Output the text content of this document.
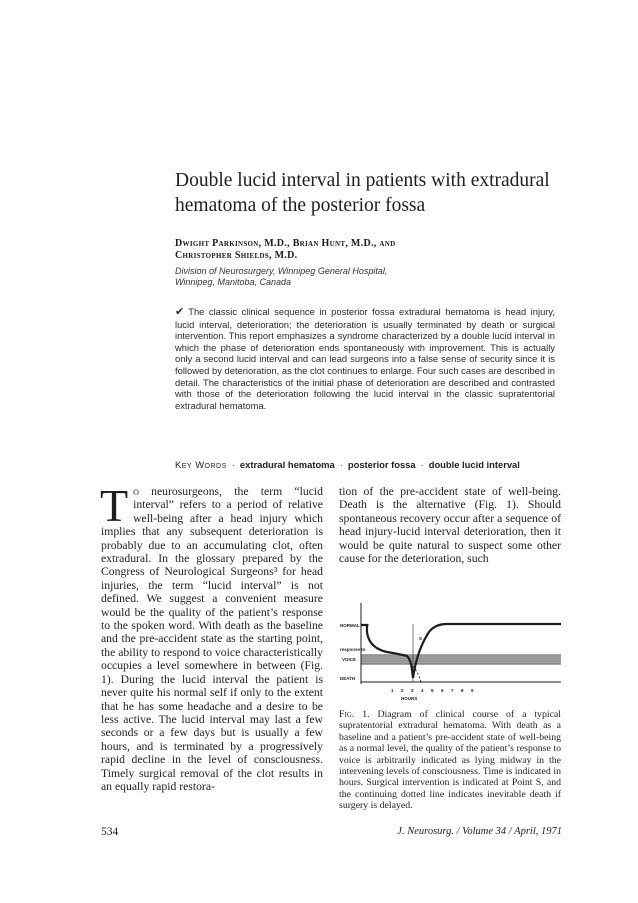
Double lucid interval in patients with extradural hematoma of the posterior fossa
Dwight Parkinson, M.D., Brian Hunt, M.D., and
Christopher Shields, M.D.
Division of Neurosurgery, Winnipeg General Hospital,
Winnipeg, Manitoba, Canada
✔ The classic clinical sequence in posterior fossa extradural hematoma is head injury, lucid interval, deterioration; the deterioration is usually terminated by death or surgical intervention. This report emphasizes a syndrome characterized by a double lucid interval in which the phase of deterioration ends spontaneously with improvement. This is actually only a second lucid interval and can lead surgeons into a false sense of security since it is followed by deterioration, as the clot continues to enlarge. Four such cases are described in detail. The characteristics of the initial phase of deterioration are described and contrasted with those of the deterioration following the lucid interval in the classic supratentorial extradural hematoma.
Key Words · extradural hematoma · posterior fossa · double lucid interval
To neurosurgeons, the term “lucid interval” refers to a period of relative well-being after a head injury which implies that any subsequent deterioration is probably due to an accumulating clot, often extradural. In the glossary prepared by the Congress of Neurological Surgeons³ for head injuries, the term “lucid interval” is not defined. We suggest a convenient measure would be the quality of the patient’s response to the spoken word. With death as the baseline and the pre-accident state as the starting point, the ability to respond to voice characteristically occupies a level somewhere in between (Fig. 1). During the lucid interval the patient is never quite his normal self if only to the extent that he has some headache and a desire to be less active. The lucid interval may last a few seconds or a few days but is usually a few hours, and is terminated by a progressively rapid decline in the level of consciousness. Timely surgical removal of the clot results in an equally rapid restora-
tion of the pre-accident state of well-being. Death is the alternative (Fig. 1). Should spontaneous recovery occur after a sequence of head injury-lucid interval deterioration, then it would be quite natural to suspect some other cause for the deterioration, such
NORMAL
response to
VOICE
DEATH
S
HOURS
1 2 3 4 5 6 7 8 9
Fig. 1. Diagram of clinical course of a typical supratentorial extradural hematoma. With death as a baseline and a patient’s pre-accident state of well-being as a normal level, the quality of the patient’s response to voice is arbitrarily indicated as lying midway in the intervening levels of consciousness. Time is indicated in hours. Surgical intervention is indicated at Point S, and the continuing dotted line indicates inevitable death if surgery is delayed.
534	J. Neurosurg. / Volume 34 / April, 1971
